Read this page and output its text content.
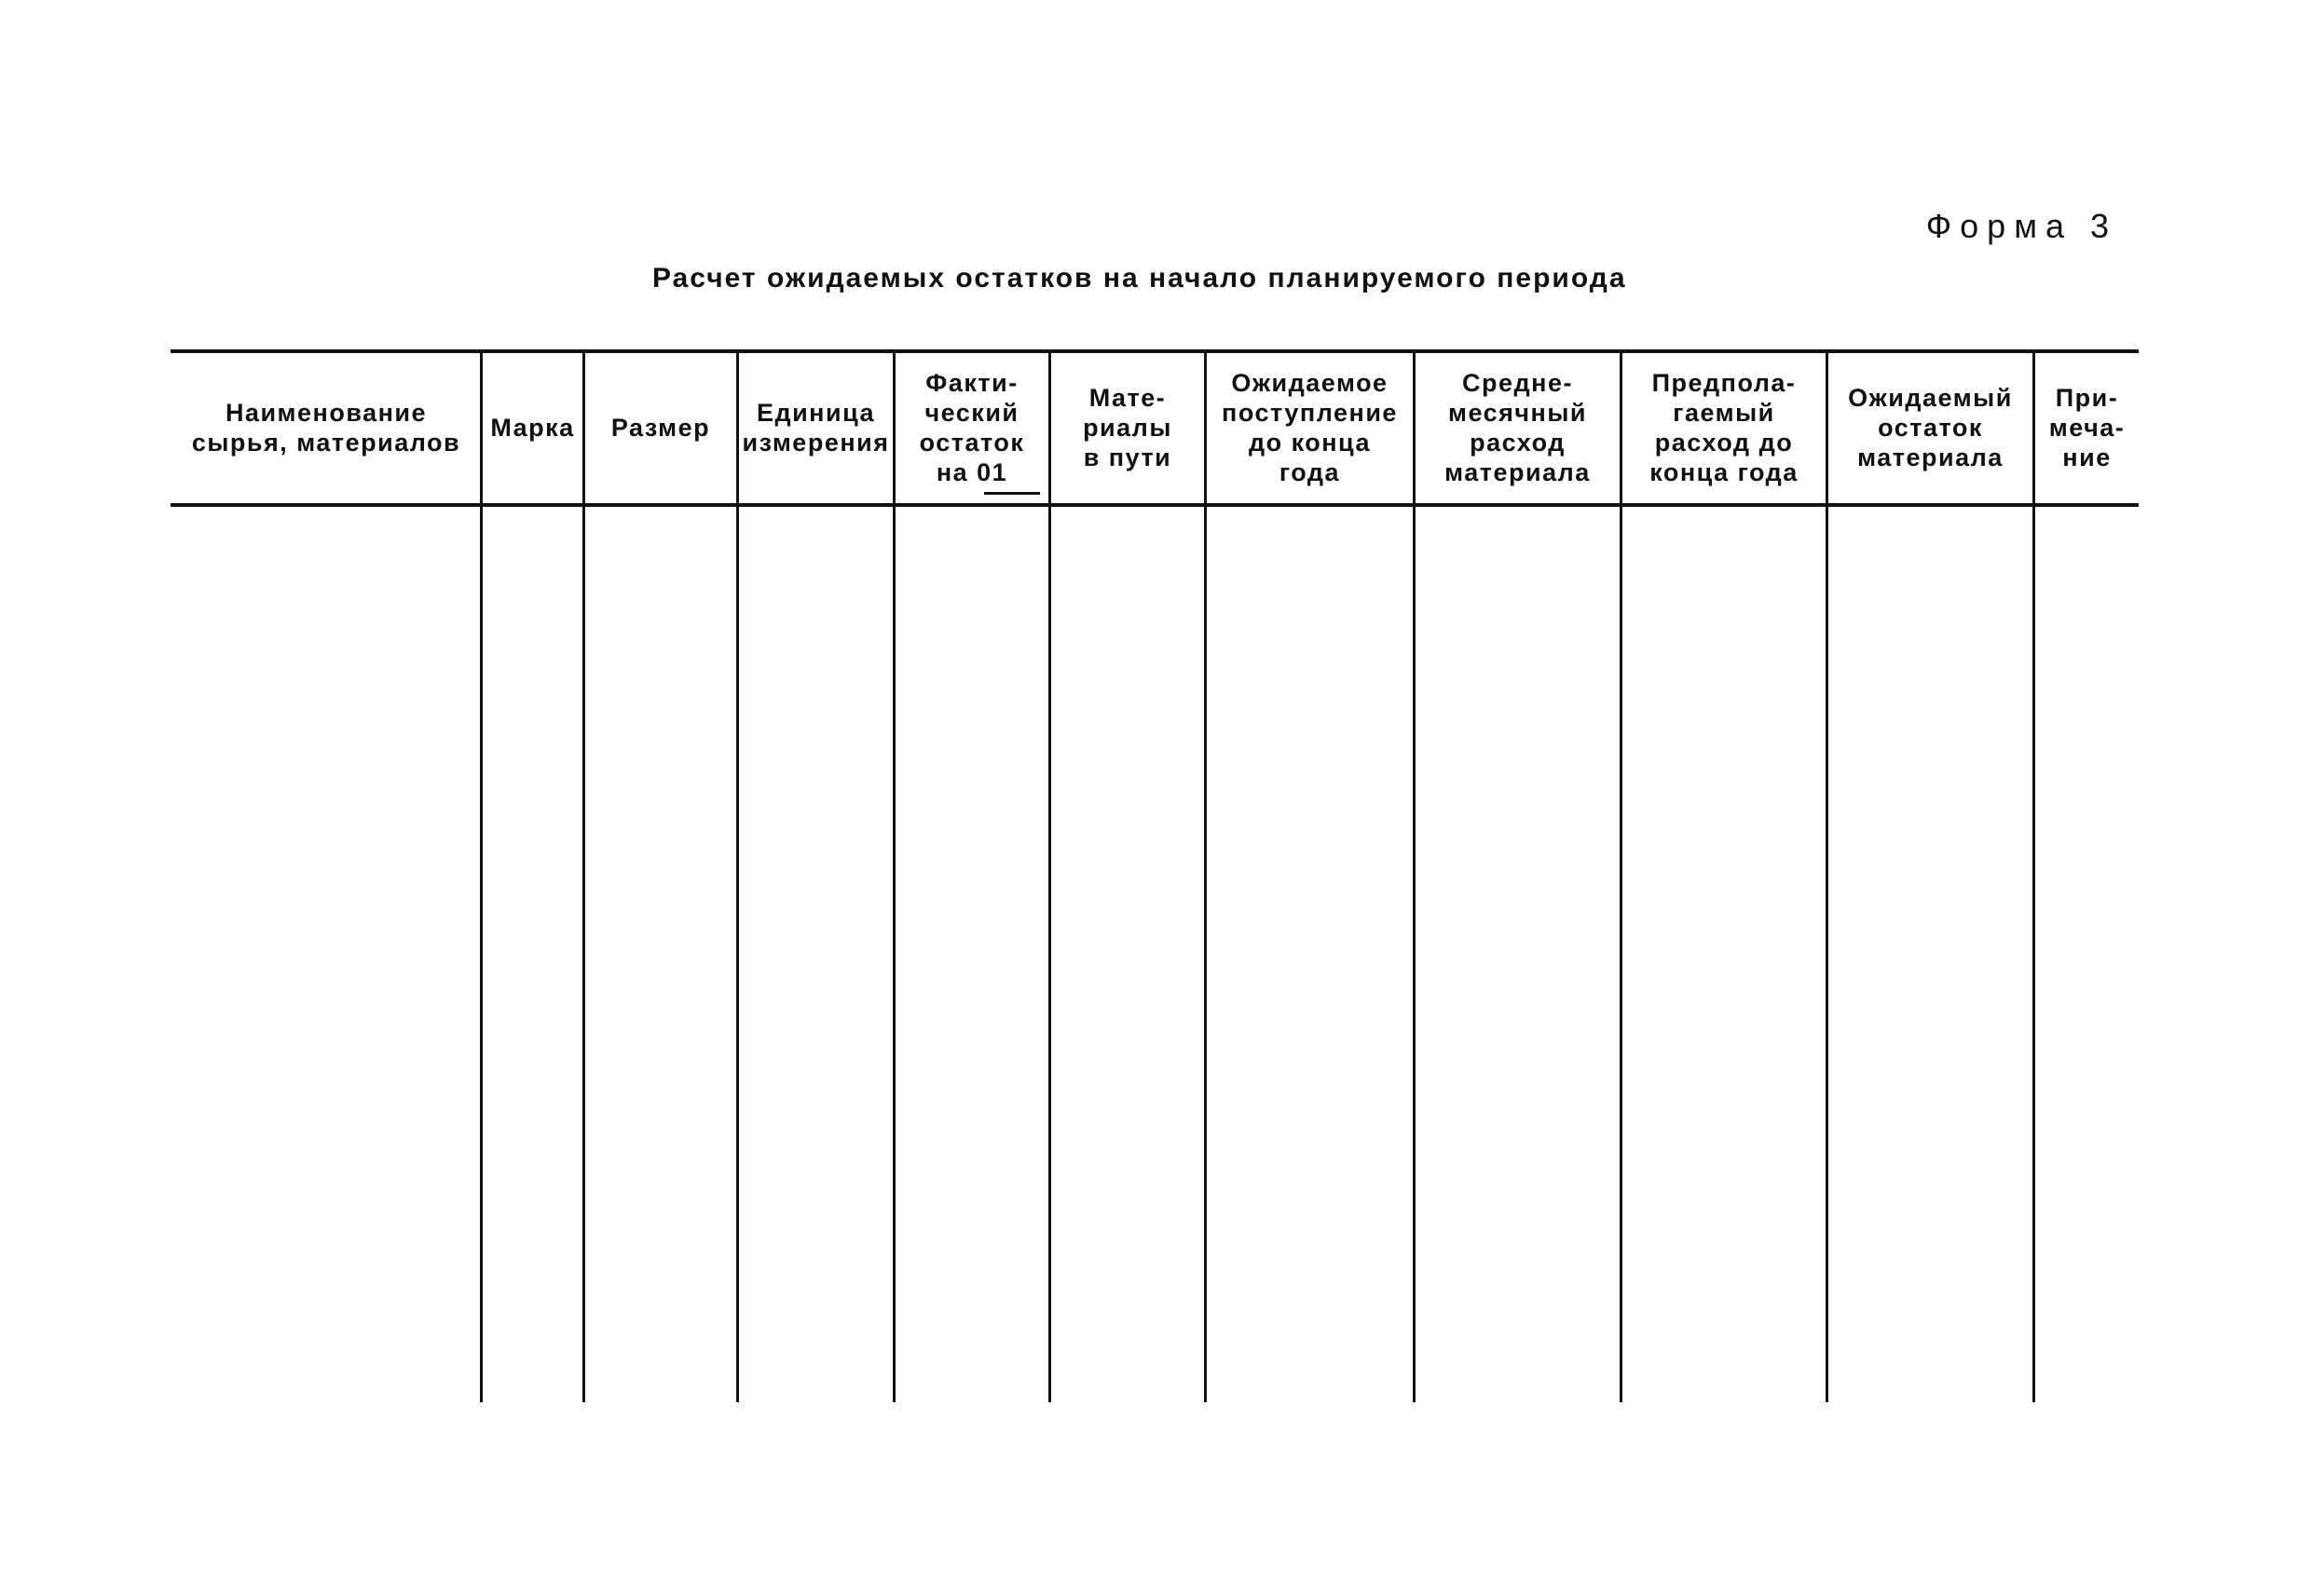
Форма 3
Расчет ожидаемых остатков на начало планируемого периода
Наименование
сырья, материалов
Марка Размер
Единица
измерения
Факти-
ческий
остаток
на 01
Мате-
риалы
в пути
Ожидаемое
поступление
до конца
года
Средне-
месячный
расход
материала
Предпола-
гаемый
расход до
конца года
Ожидаемый
остаток
материала
При-
меча-
ние
